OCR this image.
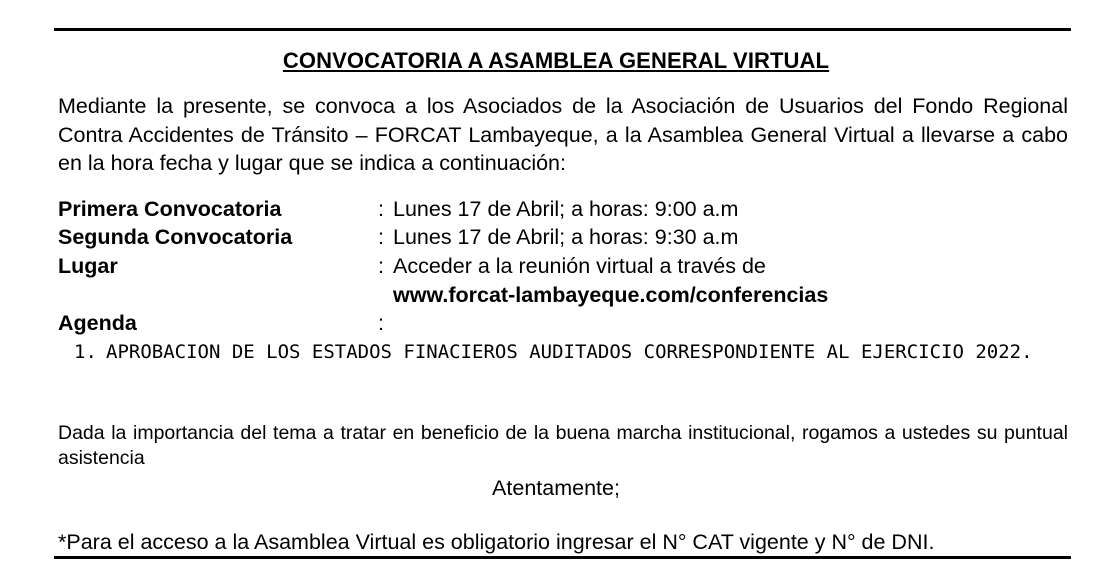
CONVOCATORIA A ASAMBLEA GENERAL VIRTUAL
Mediante la presente, se convoca a los Asociados de la Asociación de Usuarios del Fondo Regional Contra Accidentes de Tránsito – FORCAT Lambayeque, a la Asamblea General Virtual a llevarse a cabo en la hora fecha y lugar que se indica a continuación:
Primera Convocatoria	: Lunes 17 de Abril; a horas: 9:00 a.m
Segunda Convocatoria	: Lunes 17 de Abril; a horas: 9:30 a.m
Lugar	: Acceder a la reunión virtual a través de
www.forcat-lambayeque.com/conferencias
Agenda	:
1. APROBACION DE LOS ESTADOS FINACIEROS AUDITADOS CORRESPONDIENTE AL EJERCICIO 2022.
Dada la importancia del tema a tratar en beneficio de la buena marcha institucional, rogamos a ustedes su puntual asistencia
Atentamente;
*Para el acceso a la Asamblea Virtual es obligatorio ingresar el N° CAT vigente y N° de DNI.
